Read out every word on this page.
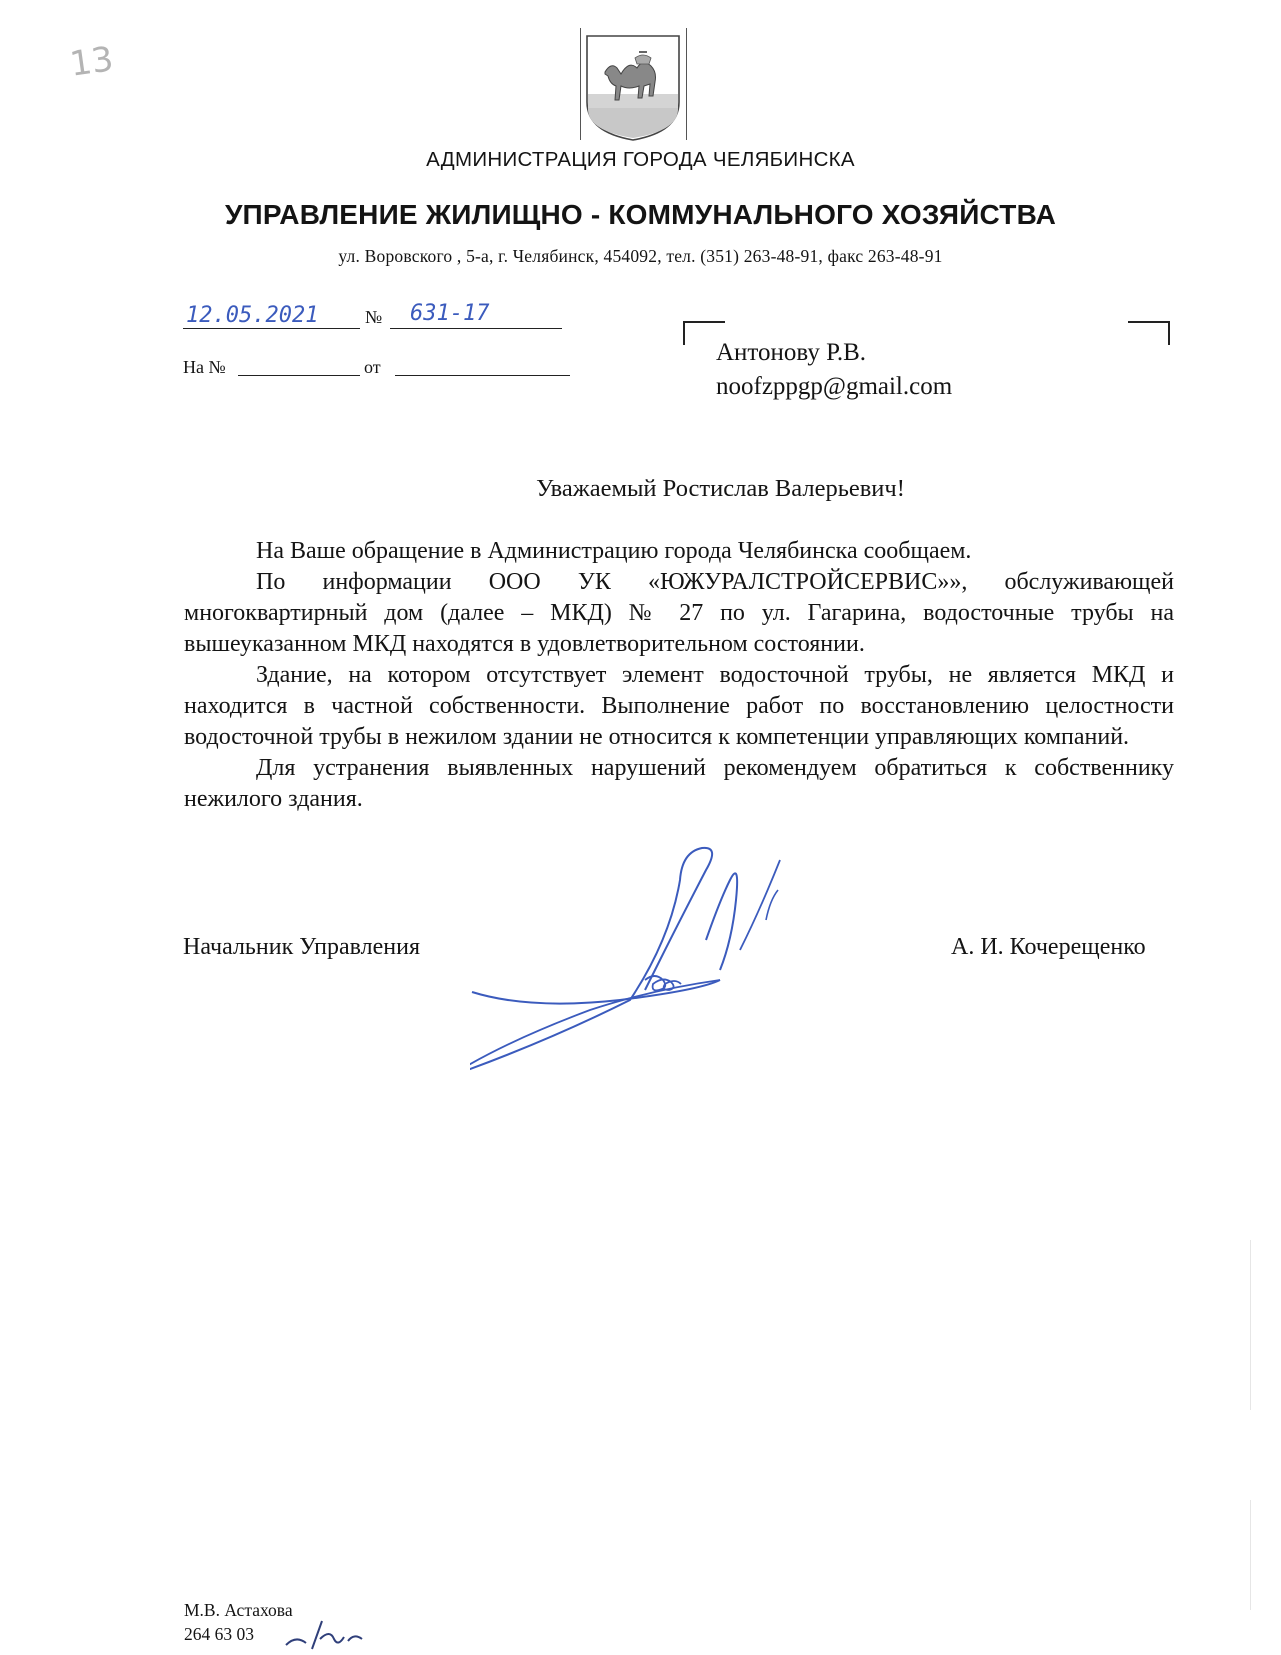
13
АДМИНИСТРАЦИЯ ГОРОДА ЧЕЛЯБИНСКА
УПРАВЛЕНИЕ ЖИЛИЩНО - КОММУНАЛЬНОГО ХОЗЯЙСТВА
ул. Воровского , 5-а, г. Челябинск, 454092, тел. (351) 263-48-91, факс 263-48-91
12.05.2021	№ 631-17
На №	от
Антонову Р.В.
noofzppgp@gmail.com
Уважаемый Ростислав Валерьевич!

На Ваше обращение в Администрацию города Челябинска сообщаем.

По информации ООО УК «ЮЖУРАЛСТРОЙСЕРВИС»», обслуживающей многоквартирный дом (далее – МКД) № 27 по ул. Гагарина, водосточные трубы на вышеуказанном МКД находятся в удовлетворительном состоянии.

Здание, на котором отсутствует элемент водосточной трубы, не является МКД и находится в частной собственности. Выполнение работ по восстановлению целостности водосточной трубы в нежилом здании не относится к компетенции управляющих компаний.

Для устранения выявленных нарушений рекомендуем обратиться к собственнику нежилого здания.

Начальник Управления	А. И. Кочерещенко
М.В. Астахова
264 63 03
